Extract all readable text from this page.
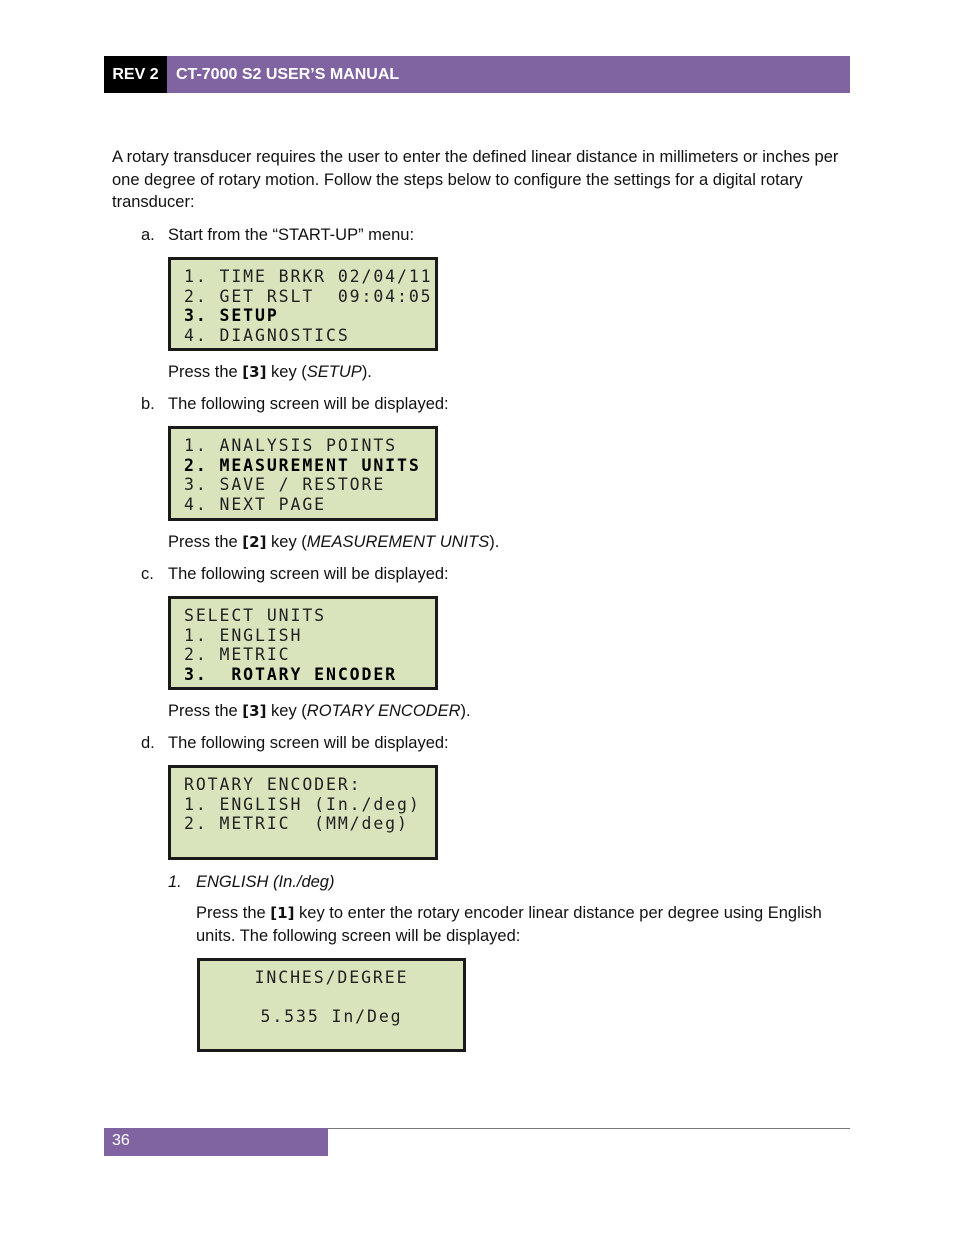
REV 2	CT-7000 S2 USER’S MANUAL

A rotary transducer requires the user to enter the defined linear distance in millimeters or inches per one degree of rotary motion. Follow the steps below to configure the settings for a digital rotary transducer:

a. Start from the “START-UP” menu:
1. TIME BRKR 02/04/11
2. GET RSLT  09:04:05
3. SETUP
4. DIAGNOSTICS
Press the [3] key (SETUP).
b. The following screen will be displayed:
1. ANALYSIS POINTS
2. MEASUREMENT UNITS
3. SAVE / RESTORE
4. NEXT PAGE
Press the [2] key (MEASUREMENT UNITS).
c. The following screen will be displayed:
SELECT UNITS
1. ENGLISH
2. METRIC
3.  ROTARY ENCODER
Press the [3] key (ROTARY ENCODER).
d. The following screen will be displayed:
ROTARY ENCODER:
1. ENGLISH (In./deg)
2. METRIC  (MM/deg)
1. ENGLISH (In./deg)

Press the [1] key to enter the rotary encoder linear distance per degree using English units. The following screen will be displayed:

INCHES/DEGREE
5.535 In/Deg
36
